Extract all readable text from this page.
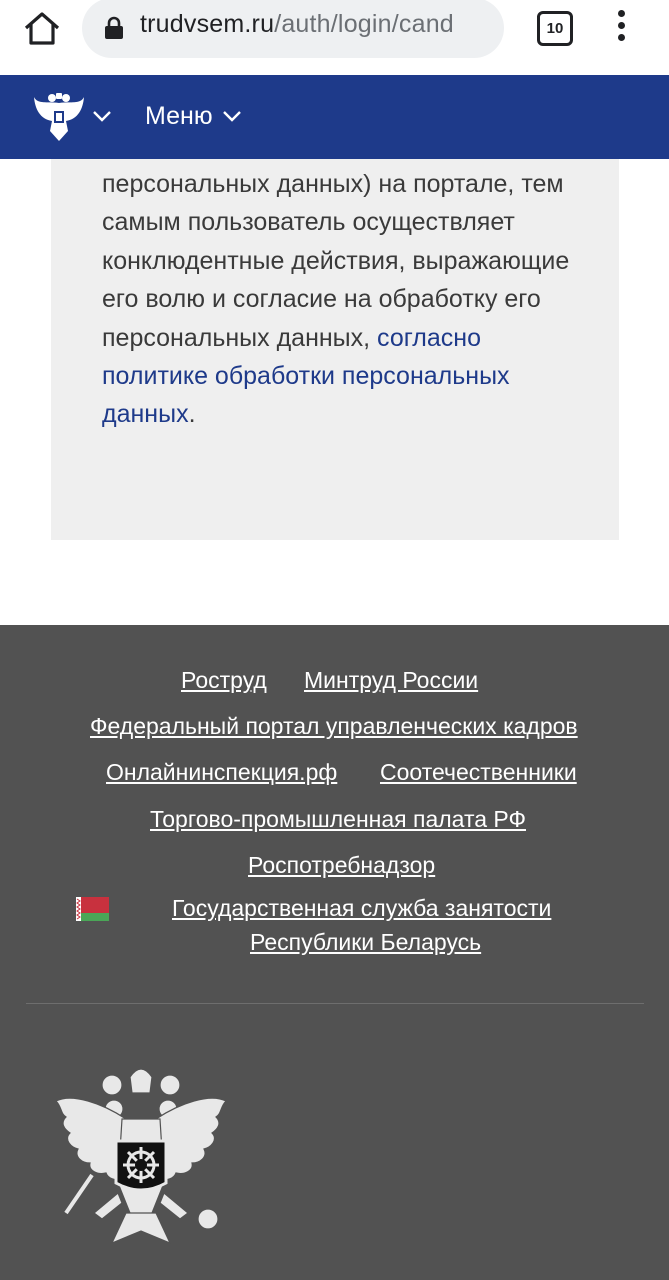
trudvsem.ru/auth/login/cand	10
Меню

персональных данных) на портале, тем самым пользователь осуществляет конклюдентные действия, выражающие его волю и согласие на обработку его персональных данных, согласно политике обработки персональных данных.

Роструд Минтруд России
Федеральный портал управленческих кадров
Онлайнинспекция.рф Соотечественники
Торгово-промышленная палата РФ
Роспотребнадзор
Государственная служба занятости
Республики Беларусь
